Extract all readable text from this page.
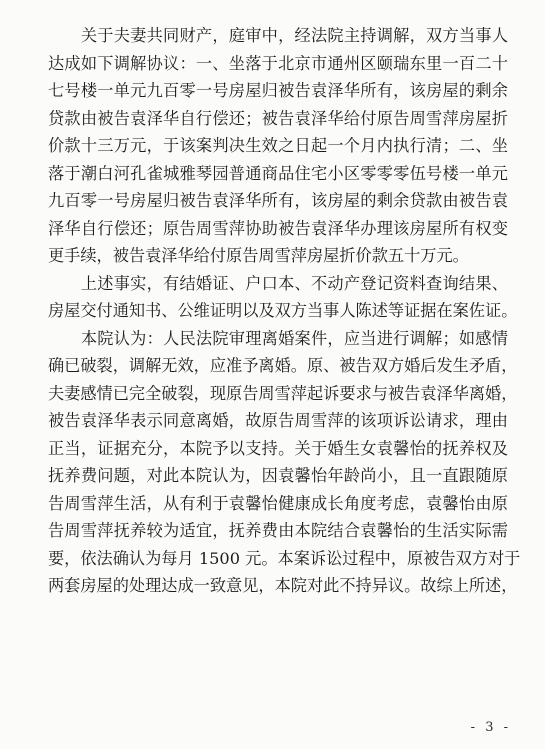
　　关于夫妻共同财产，庭审中，经法院主持调解，双方当事人
达成如下调解协议：一、坐落于北京市通州区颐瑞东里一百二十
七号楼一单元九百零一号房屋归被告袁泽华所有，该房屋的剩余
贷款由被告袁泽华自行偿还；被告袁泽华给付原告周雪萍房屋折
价款十三万元，于该案判决生效之日起一个月内执行清；二、坐
落于潮白河孔雀城雅琴园普通商品住宅小区零零零伍号楼一单元
九百零一号房屋归被告袁泽华所有，该房屋的剩余贷款由被告袁
泽华自行偿还；原告周雪萍协助被告袁泽华办理该房屋所有权变
更手续，被告袁泽华给付原告周雪萍房屋折价款五十万元。
　　上述事实，有结婚证、户口本、不动产登记资料查询结果、
房屋交付通知书、公维证明以及双方当事人陈述等证据在案佐证。
　　本院认为：人民法院审理离婚案件，应当进行调解；如感情
确已破裂，调解无效，应准予离婚。原、被告双方婚后发生矛盾，
夫妻感情已完全破裂，现原告周雪萍起诉要求与被告袁泽华离婚，
被告袁泽华表示同意离婚，故原告周雪萍的该项诉讼请求，理由
正当，证据充分，本院予以支持。关于婚生女袁馨怡的抚养权及
抚养费问题，对此本院认为，因袁馨怡年龄尚小，且一直跟随原
告周雪萍生活，从有利于袁馨怡健康成长角度考虑，袁馨怡由原
告周雪萍抚养较为适宜，抚养费由本院结合袁馨怡的生活实际需
要，依法确认为每月 1500 元。本案诉讼过程中，原被告双方对于
两套房屋的处理达成一致意见，本院对此不持异议。故综上所述，
- 3 -
